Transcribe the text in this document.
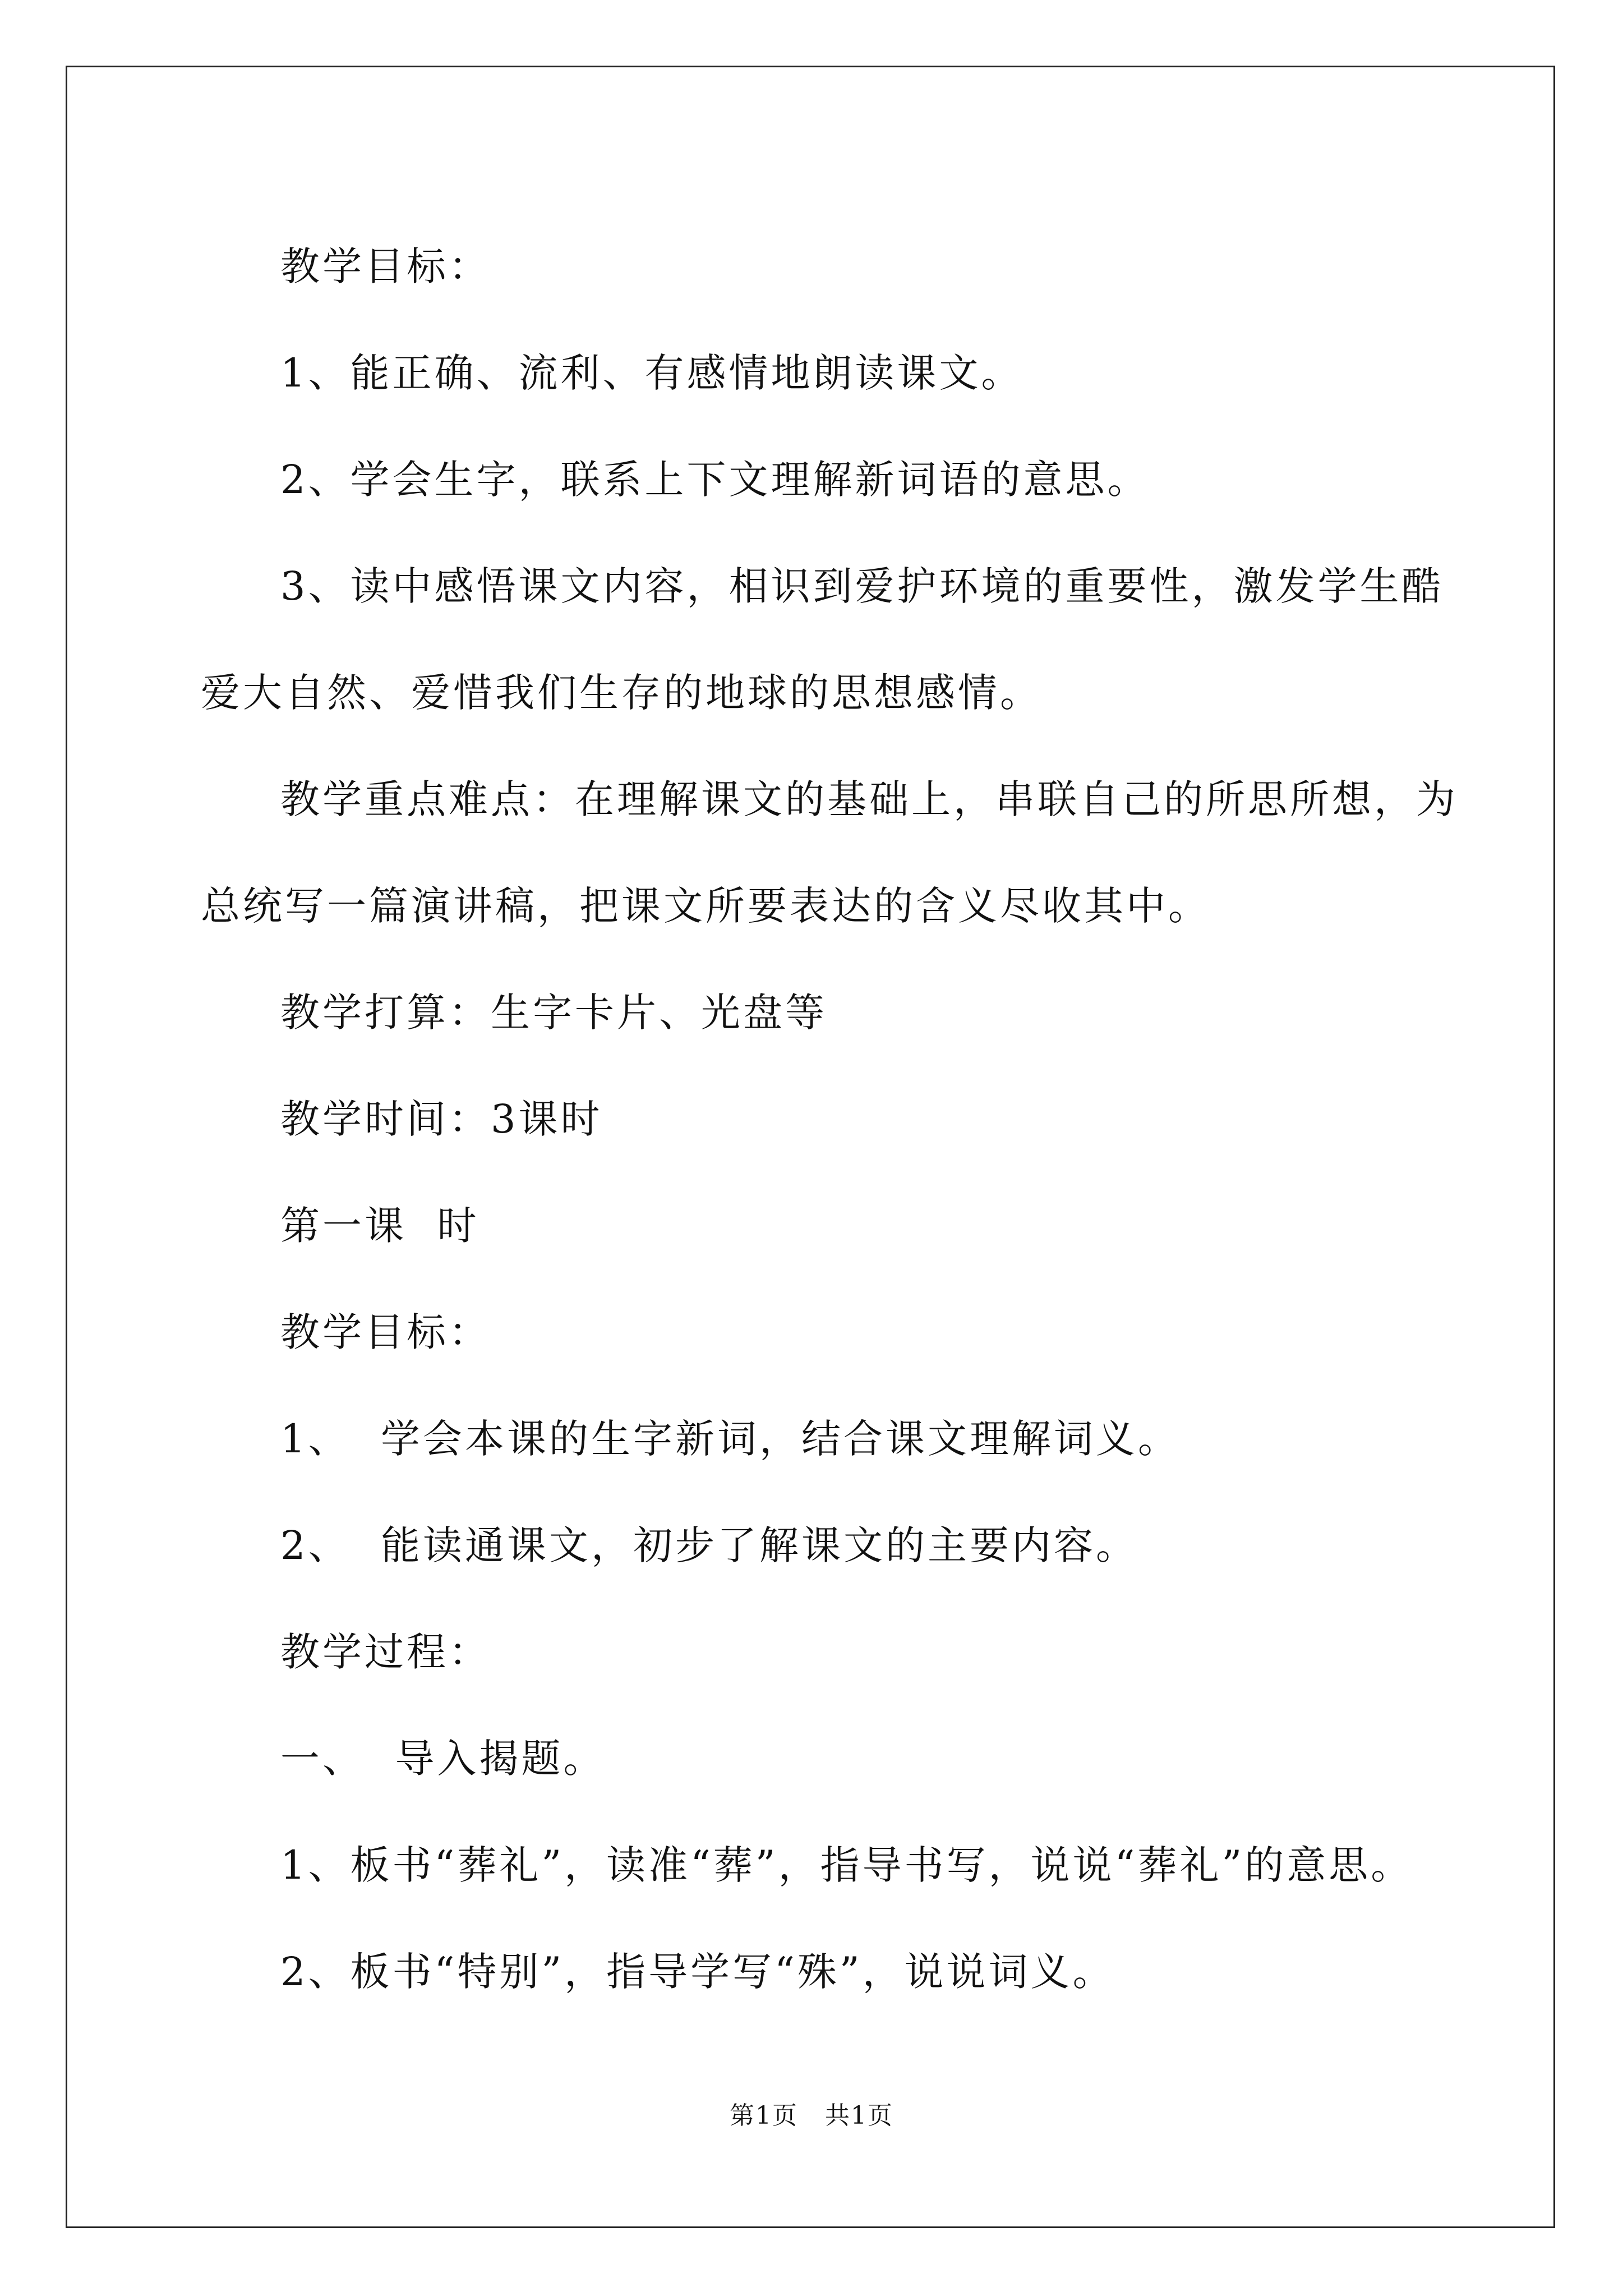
教学目标：

1、能正确、流利、有感情地朗读课文。

2、学会生字，联系上下文理解新词语的意思。

3、读中感悟课文内容，相识到爱护环境的重要性，激发学生酷爱大自然、爱惜我们生存的地球的思想感情。

教学重点难点：在理解课文的基础上，串联自己的所思所想，为总统写一篇演讲稿，把课文所要表达的含义尽收其中。

教学打算：生字卡片、光盘等

教学时间：3课时

第一课  时

教学目标：

1、  学会本课的生字新词，结合课文理解词义。

2、  能读通课文，初步了解课文的主要内容。

教学过程：

一、  导入揭题。

1、板书“葬礼”，读准“葬”，指导书写，说说“葬礼”的意思。

2、板书“特别”，指导学写“殊”，说说词义。

第1页   共1页
